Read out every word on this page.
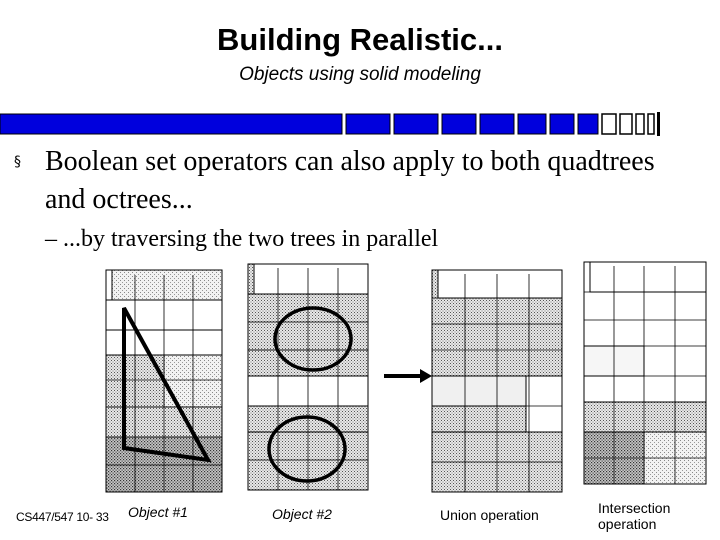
Building Realistic...
Objects using solid modeling
§ Boolean set operators can also apply to both quadtrees and octrees...
– ...by traversing the two trees in parallel
Object #1	Object #2	Union operation	Intersection
operation
CS447/547 10- 33
